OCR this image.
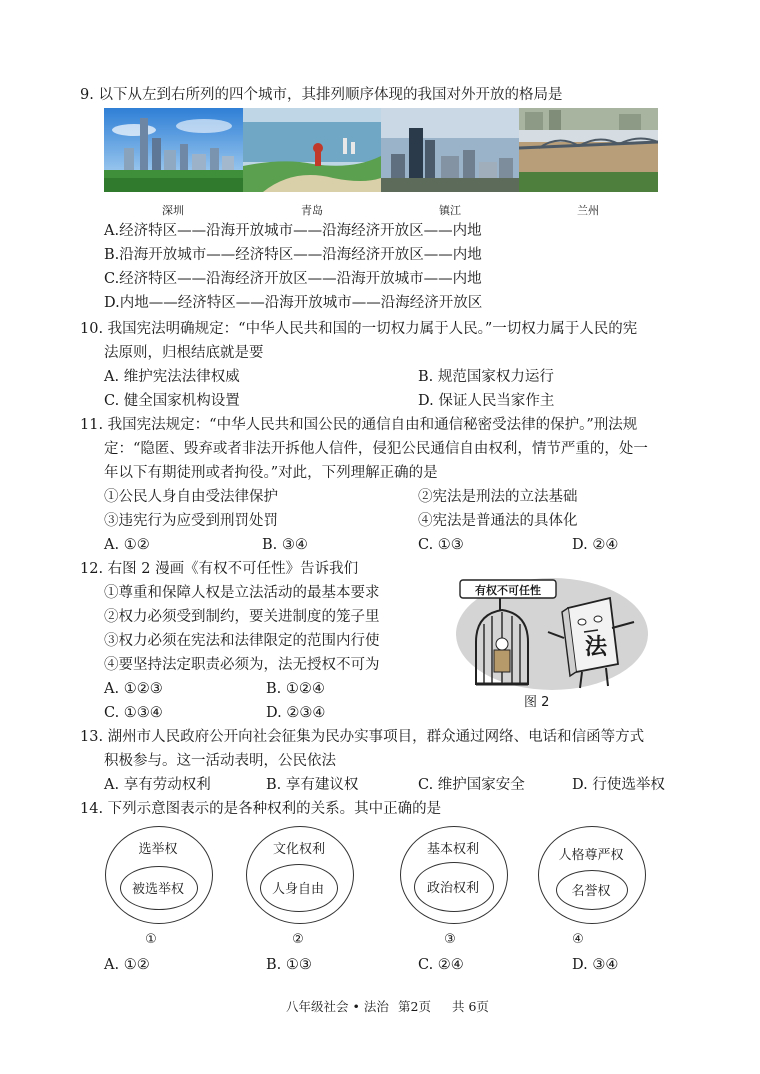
9. 以下从左到右所列的四个城市，其排列顺序体现的我国对外开放的格局是
深圳	青岛	镇江	兰州
A.经济特区——沿海开放城市——沿海经济开放区——内地
B.沿海开放城市——经济特区——沿海经济开放区——内地
C.经济特区——沿海经济开放区——沿海开放城市——内地
D.内地——经济特区——沿海开放城市——沿海经济开放区
10. 我国宪法明确规定：“中华人民共和国的一切权力属于人民。”一切权力属于人民的宪
法原则，归根结底就是要
A. 维护宪法法律权威	B. 规范国家权力运行
C. 健全国家机构设置	D. 保证人民当家作主
11. 我国宪法规定：“中华人民共和国公民的通信自由和通信秘密受法律的保护。”刑法规
定：“隐匿、毁弃或者非法开拆他人信件，侵犯公民通信自由权利，情节严重的，处一
年以下有期徒刑或者拘役。”对此，下列理解正确的是
①公民人身自由受法律保护	②宪法是刑法的立法基础
③违宪行为应受到刑罚处罚	④宪法是普通法的具体化
A. ①②	B. ③④	C. ①③	D. ②④
12. 右图 2 漫画《有权不可任性》告诉我们
①尊重和保障人权是立法活动的最基本要求
②权力必须受到制约，要关进制度的笼子里
③权力必须在宪法和法律限定的范围内行使
④要坚持法定职责必须为，法无授权不可为
A. ①②③	B. ①②④
C. ①③④	D. ②③④
有权不可任性
法
图 2
13. 湖州市人民政府公开向社会征集为民办实事项目，群众通过网络、电话和信函等方式
积极参与。这一活动表明，公民依法
A. 享有劳动权利	B. 享有建议权	C. 维护国家安全	D. 行使选举权
14. 下列示意图表示的是各种权利的关系。其中正确的是
选举权
被选举权
①
文化权利
人身自由
②
基本权利
政治权利
③
人格尊严权
名誉权
④
A. ①②	B. ①③	C. ②④	D. ③④
八年级社会 • 法治 第2页 共 6页
